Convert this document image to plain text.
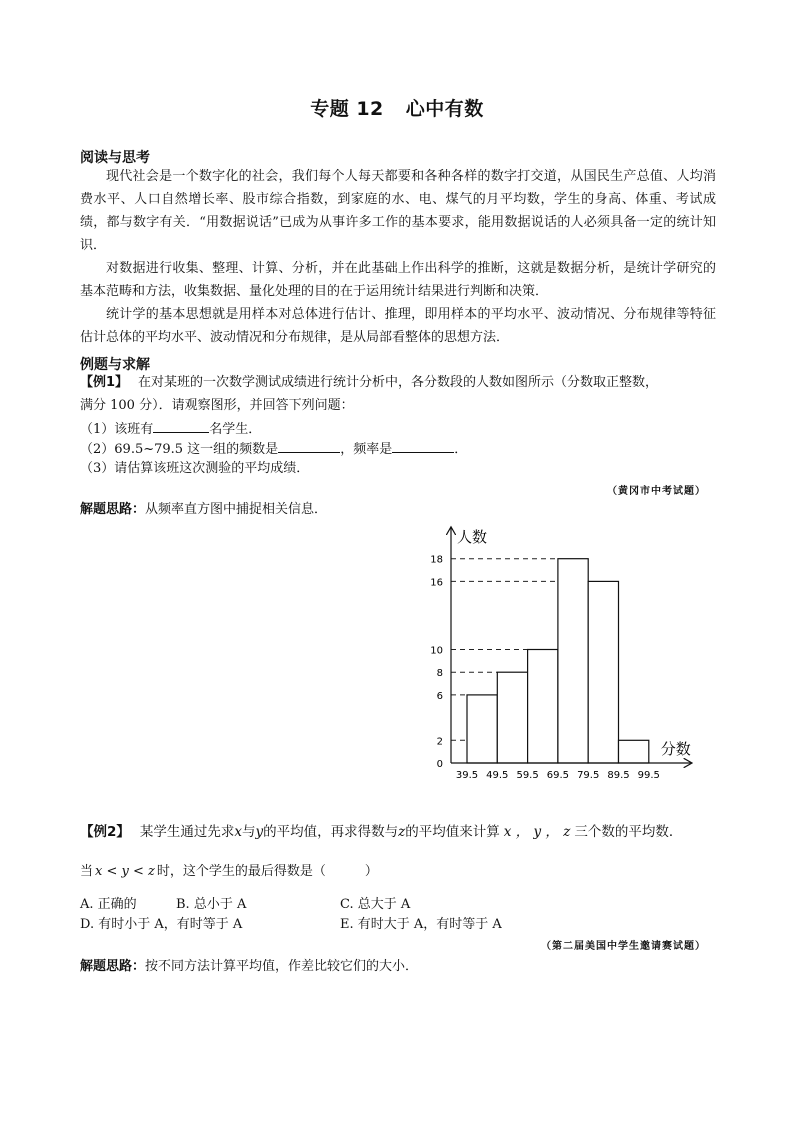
专题 12 心中有数
阅读与思考

现代社会是一个数字化的社会，我们每个人每天都要和各种各样的数字打交道，从国民生产总值、人均消费水平、人口自然增长率、股市综合指数，到家庭的水、电、煤气的月平均数，学生的身高、体重、考试成绩，都与数字有关．“用数据说话”已成为从事许多工作的基本要求，能用数据说话的人必须具备一定的统计知识．

对数据进行收集、整理、计算、分析，并在此基础上作出科学的推断，这就是数据分析，是统计学研究的基本范畴和方法，收集数据、量化处理的目的在于运用统计结果进行判断和决策．

统计学的基本思想就是用样本对总体进行估计、推理，即用样本的平均水平、波动情况、分布规律等特征估计总体的平均水平、波动情况和分布规律，是从局部看整体的思想方法．

例题与求解
【例1】 在对某班的一次数学测试成绩进行统计分析中，各分数段的人数如图所示（分数取正整数，
满分 100 分）．请观察图形，并回答下列问题：
（1）该班有	名学生．
（2）69.5~79.5 这一组的频数是	，频率是	．
（3）请估算该班这次测验的平均成绩．
（黄冈市中考试题）
解题思路：从频率直方图中捕捉相关信息．
人数
分数
0
2
6
8
10
16
18
39.5 49.5 59.5 69.5 79.5 89.5 99.5
【例2】 某学生通过先求x与y的平均值，再求得数与z的平均值来计算 x ， y ， z 三个数的平均数．
当 x < y < z 时，这个学生的最后得数是（　　　）
A. 正确的	B. 总小于 A	C. 总大于 A
D. 有时小于 A，有时等于 A	E. 有时大于 A，有时等于 A
（第二届美国中学生邀请赛试题）
解题思路：按不同方法计算平均值，作差比较它们的大小．
